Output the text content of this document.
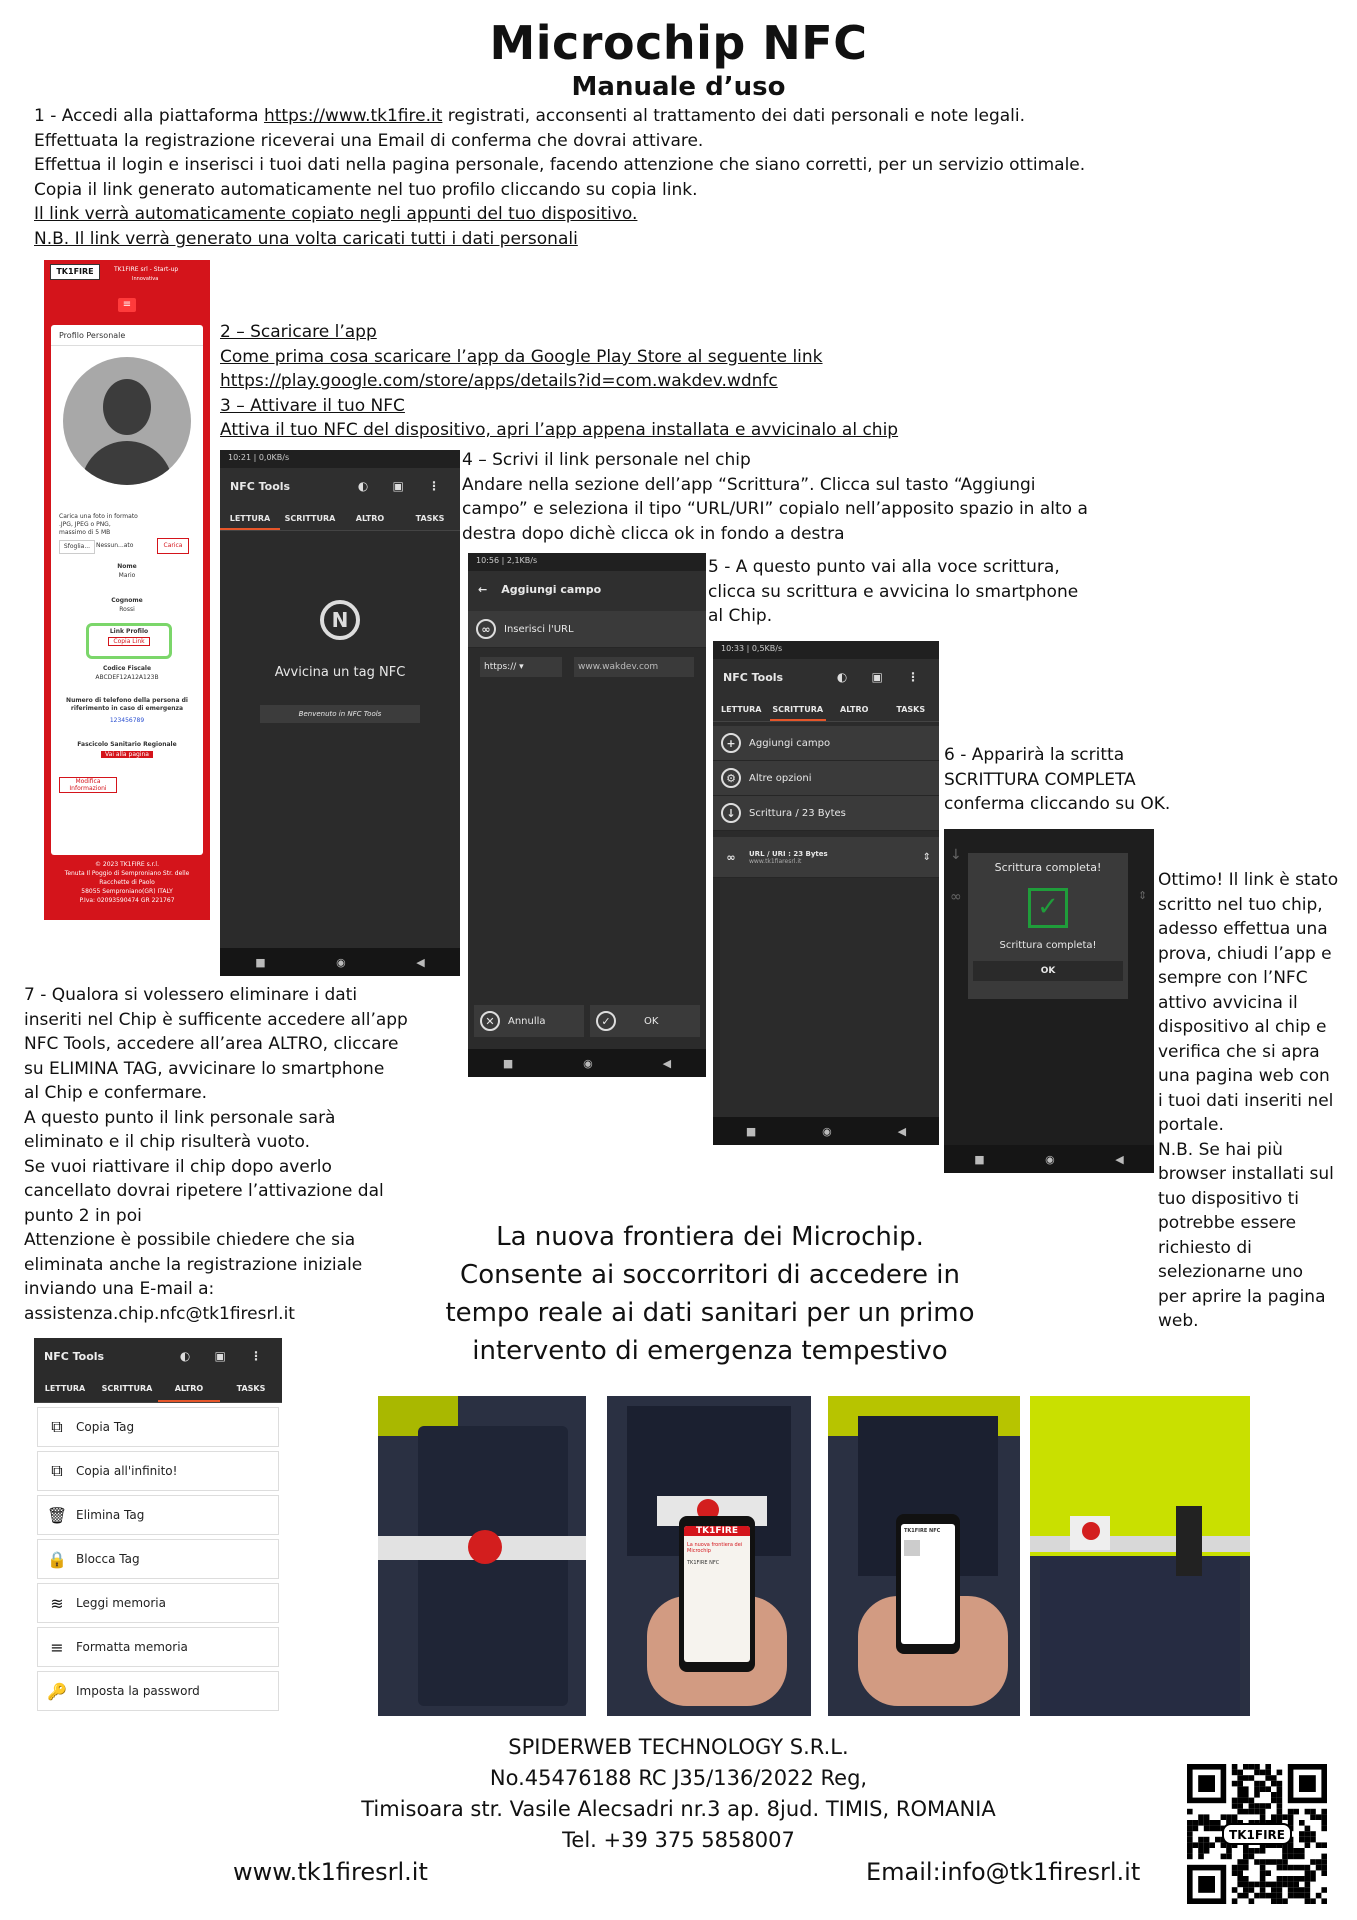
Microchip NFC
Manuale d’uso
1 - Accedi alla piattaforma https://www.tk1fire.it registrati, acconsenti al trattamento dei dati personali e note legali.
Effettuata la registrazione riceverai una Email di conferma che dovrai attivare.
Effettua il login e inserisci i tuoi dati nella pagina personale, facendo attenzione che siano corretti, per un servizio ottimale.
Copia il link generato automaticamente nel tuo profilo cliccando su copia link.
Il link verrà automaticamente copiato negli appunti del tuo dispositivo.
N.B. Il link verrà generato una volta caricati tutti i dati personali
TK1FIRE	TK1FIRE srl - Start-up
Innovativa
≡
Profilo Personale
Carica una foto in formato .JPG, JPEG o PNG, massimo di 5 MB
Sfoglia... Nessun...ato	Carica
Nome
Mario
Cognome
Rossi
Link Profilo
Copia Link
Codice Fiscale
ABCDEF12A12A123B
Numero di telefono della persona di riferimento in caso di emergenza
123456789
Fascicolo Sanitario Regionale
Vai alla pagina
Modifica Informazioni
© 2023 TK1FIRE s.r.l.
Tenuta Il Poggio di Semproniano Str. delle
Racchette di Paolo
58055 Semproniano(GR) ITALY
P.Iva: 02093590474 GR 221767
2 – Scaricare l’app
Come prima cosa scaricare l’app da Google Play Store al seguente link
https://play.google.com/store/apps/details?id=com.wakdev.wdnfc
3 – Attivare il tuo NFC
Attiva il tuo NFC del dispositivo, apri l’app appena installata e avvicinalo al chip
4 – Scrivi il link personale nel chip
Andare nella sezione dell’app “Scrittura”. Clicca sul tasto “Aggiungi
campo” e seleziona il tipo “URL/URI” copialo nell’apposito spazio in alto a
destra dopo dichè clicca ok in fondo a destra
10:21 | 0,0KB/s
NFC Tools	◐ ▣ ⋮
LETTURA	SCRITTURA	ALTRO	TASKS
N
Avvicina un tag NFC
Benvenuto in NFC Tools
■	◉	◀
10:56 | 2,1KB/s
← Aggiungi campo
∞	Inserisci l'URL
https:// ▾	www.wakdev.com
✕	Annulla	✓	OK
■	◉	◀
5 - A questo punto vai alla voce scrittura,
clicca su scrittura e avvicina lo smartphone
al Chip.
10:33 | 0,5KB/s
NFC Tools	◐ ▣ ⋮
LETTURA	SCRITTURA	ALTRO	TASKS
+	Aggiungi campo
⚙	Altre opzioni
↓	Scrittura / 23 Bytes
∞	URL / URI : 23 Bytes
www.tk1fiaresrl.it	⇕
■	◉	◀
6 - Apparirà la scritta
SCRITTURA COMPLETA
conferma cliccando su OK.
↓
∞	⇕
Scrittura completa!
✓
Scrittura completa!
OK
■	◉	◀
Ottimo! Il link è stato
scritto nel tuo chip,
adesso effettua una
prova, chiudi l’app e
sempre con l’NFC
attivo avvicina il
dispositivo al chip e
verifica che si apra
una pagina web con
i tuoi dati inseriti nel
portale.
N.B. Se hai più
browser installati sul
tuo dispositivo ti
potrebbe essere
richiesto di
selezionarne uno
per aprire la pagina
web.
7 - Qualora si volessero eliminare i dati
inseriti nel Chip è sufficente accedere all’app
NFC Tools, accedere all’area ALTRO, cliccare
su ELIMINA TAG, avvicinare lo smartphone
al Chip e confermare.
A questo punto il link personale sarà
eliminato e il chip risulterà vuoto.
Se vuoi riattivare il chip dopo averlo
cancellato dovrai ripetere l’attivazione dal
punto 2 in poi
Attenzione è possibile chiedere che sia
eliminata anche la registrazione iniziale
inviando una E-mail a:
assistenza.chip.nfc@tk1firesrl.it
La nuova frontiera dei Microchip.
Consente ai soccorritori di accedere in
tempo reale ai dati sanitari per un primo
intervento di emergenza tempestivo
NFC Tools	◐ ▣ ⋮
LETTURA	SCRITTURA	ALTRO	TASKS
⧉	Copia Tag
⧉	Copia all'infinito!
🗑 Elimina Tag
🔒 Blocca Tag
≋	Leggi memoria
≡	Formatta memoria
🔑 Imposta la password
TK1FIRE
La nuova frontiera dei Microchip
TK1FIRE NFC
TK1FIRE NFC
SPIDERWEB TECHNOLOGY S.R.L.
No.45476188 RC J35/136/2022 Reg,
Timisoara str. Vasile Alecsadri nr.3 ap. 8jud. TIMIS, ROMANIA
Tel. +39 375 5858007
www.tk1firesrl.it	Email:info@tk1firesrl.it
TK1FIRE
